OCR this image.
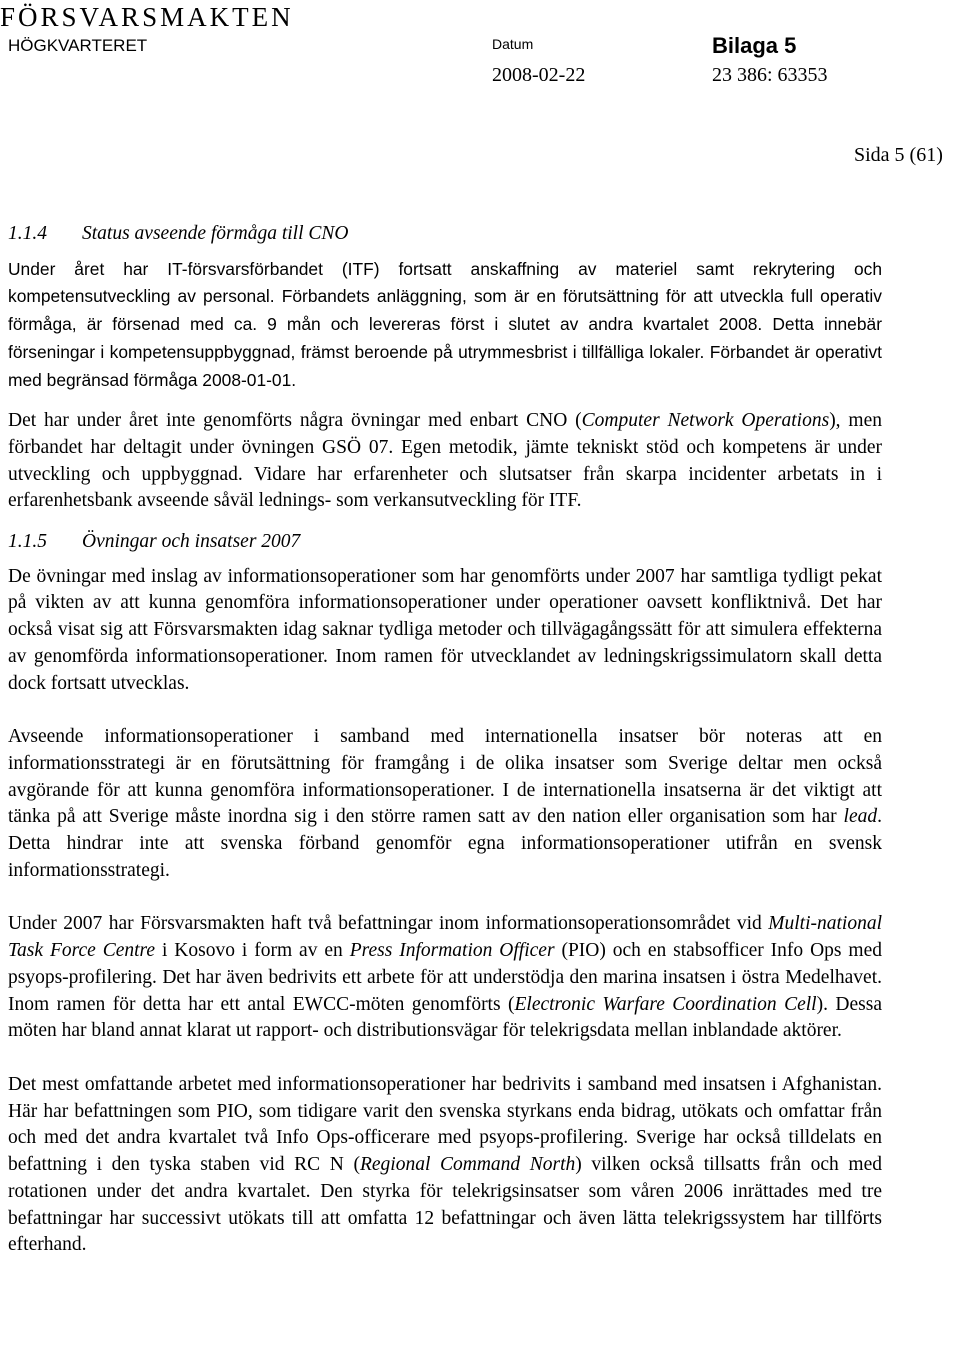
FÖRSVARSMAKTEN
HÖGKVARTERET	Datum
2008-02-22
Bilaga 5
23 386: 63353
Sida 5 (61)
1.1.4 Status avseende förmåga till CNO

Under året har IT-försvarsförbandet (ITF) fortsatt anskaffning av materiel samt rekrytering och kompetensutveckling av personal. Förbandets anläggning, som är en förutsättning för att utveckla full operativ förmåga, är försenad med ca. 9 mån och levereras först i slutet av andra kvartalet 2008. Detta innebär förseningar i kompetensuppbyggnad, främst beroende på utrymmesbrist i tillfälliga lokaler. Förbandet är operativt med begränsad förmåga 2008-01-01.

Det har under året inte genomförts några övningar med enbart CNO (Computer Network Operations), men förbandet har deltagit under övningen GSÖ 07. Egen metodik, jämte tekniskt stöd och kompetens är under utveckling och uppbyggnad. Vidare har erfarenheter och slutsatser från skarpa incidenter arbetats in i erfarenhetsbank avseende såväl lednings- som verkansutveckling för ITF.

1.1.5 Övningar och insatser 2007

De övningar med inslag av informationsoperationer som har genomförts under 2007 har samtliga tydligt pekat på vikten av att kunna genomföra informationsoperationer under operationer oavsett konfliktnivå. Det har också visat sig att Försvarsmakten idag saknar tydliga metoder och tillvägagångssätt för att simulera effekterna av genomförda informationsoperationer. Inom ramen för utvecklandet av ledningskrigssimulatorn skall detta dock fortsatt utvecklas.

Avseende informationsoperationer i samband med internationella insatser bör noteras att en informationsstrategi är en förutsättning för framgång i de olika insatser som Sverige deltar men också avgörande för att kunna genomföra informationsoperationer. I de internationella insatserna är det viktigt att tänka på att Sverige måste inordna sig i den större ramen satt av den nation eller organisation som har lead. Detta hindrar inte att svenska förband genomför egna informationsoperationer utifrån en svensk informationsstrategi.

Under 2007 har Försvarsmakten haft två befattningar inom informationsoperationsområdet vid Multi-national Task Force Centre i Kosovo i form av en Press Information Officer (PIO) och en stabsofficer Info Ops med psyops-profilering. Det har även bedrivits ett arbete för att understödja den marina insatsen i östra Medelhavet. Inom ramen för detta har ett antal EWCC-möten genomförts (Electronic Warfare Coordination Cell). Dessa möten har bland annat klarat ut rapport- och distributionsvägar för telekrigsdata mellan inblandade aktörer.

Det mest omfattande arbetet med informationsoperationer har bedrivits i samband med insatsen i Afghanistan. Här har befattningen som PIO, som tidigare varit den svenska styrkans enda bidrag, utökats och omfattar från och med det andra kvartalet två Info Ops-officerare med psyops-profilering. Sverige har också tilldelats en befattning i den tyska staben vid RC N (Regional Command North) vilken också tillsatts från och med rotationen under det andra kvartalet. Den styrka för telekrigsinsatser som våren 2006 inrättades med tre befattningar har successivt utökats till att omfatta 12 befattningar och även lätta telekrigssystem har tillförts efterhand.
